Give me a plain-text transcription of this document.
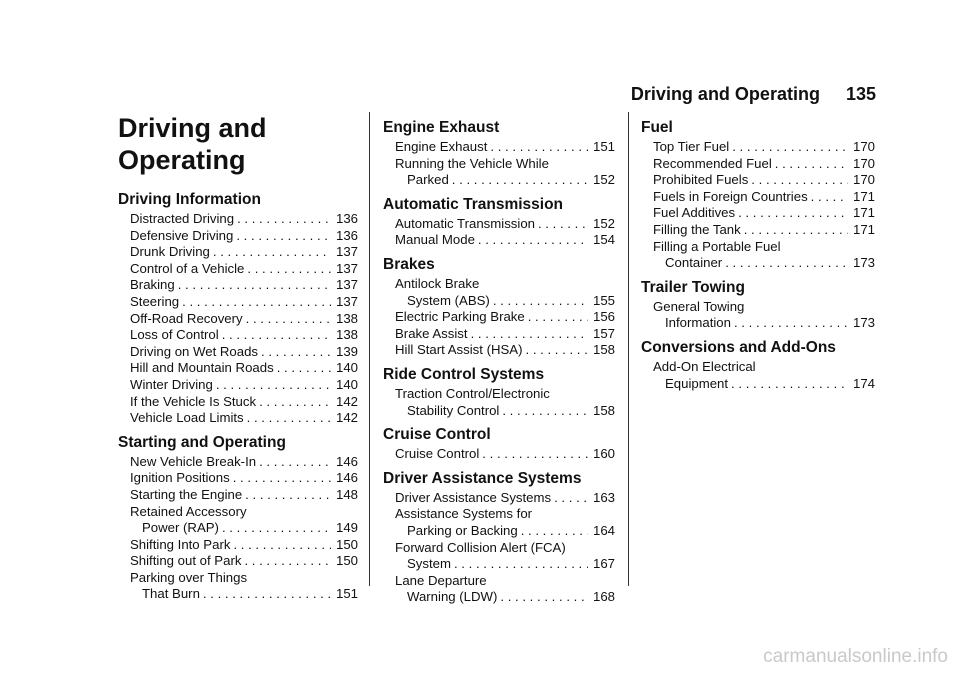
Driving and Operating 135
Driving and
Operating
Driving Information
Distracted Driving . . .	136
Defensive Driving . . .	136
Drunk Driving . . .	137
Control of a Vehicle . . .	137
Braking . . .	137
Steering . . .	137
Off-Road Recovery . . .	138
Loss of Control . . .	138
Driving on Wet Roads . . .	139
Hill and Mountain Roads . . .	140
Winter Driving . . .	140
If the Vehicle Is Stuck . . .	142
Vehicle Load Limits . . .	142
Starting and Operating
New Vehicle Break-In . . .	146
Ignition Positions . . .	146
Starting the Engine . . .	148
Retained Accessory
Power (RAP) . . .	149
Shifting Into Park . . .	150
Shifting out of Park . . .	150
Parking over Things
That Burn . . .	151
Engine Exhaust
Engine Exhaust . . .	151
Running the Vehicle While
Parked . . .	152
Automatic Transmission
Automatic Transmission . . .	152
Manual Mode . . .	154
Brakes
Antilock Brake
System (ABS) . . .	155
Electric Parking Brake . . .	156
Brake Assist . . .	157
Hill Start Assist (HSA) . . .	158
Ride Control Systems
Traction Control/Electronic
Stability Control . . .	158
Cruise Control
Cruise Control . . .	160
Driver Assistance Systems
Driver Assistance Systems . . .	163
Assistance Systems for
Parking or Backing . . .	164
Forward Collision Alert (FCA)
System . . .	167
Lane Departure
Warning (LDW) . . .	168
Fuel
Top Tier Fuel . . .	170
Recommended Fuel . . .	170
Prohibited Fuels . . .	170
Fuels in Foreign Countries . . .	171
Fuel Additives . . .	171
Filling the Tank . . .	171
Filling a Portable Fuel
Container . . .	173
Trailer Towing
General Towing
Information . . .	173
Conversions and Add-Ons
Add-On Electrical
Equipment . . .	174
carmanualsonline.info
